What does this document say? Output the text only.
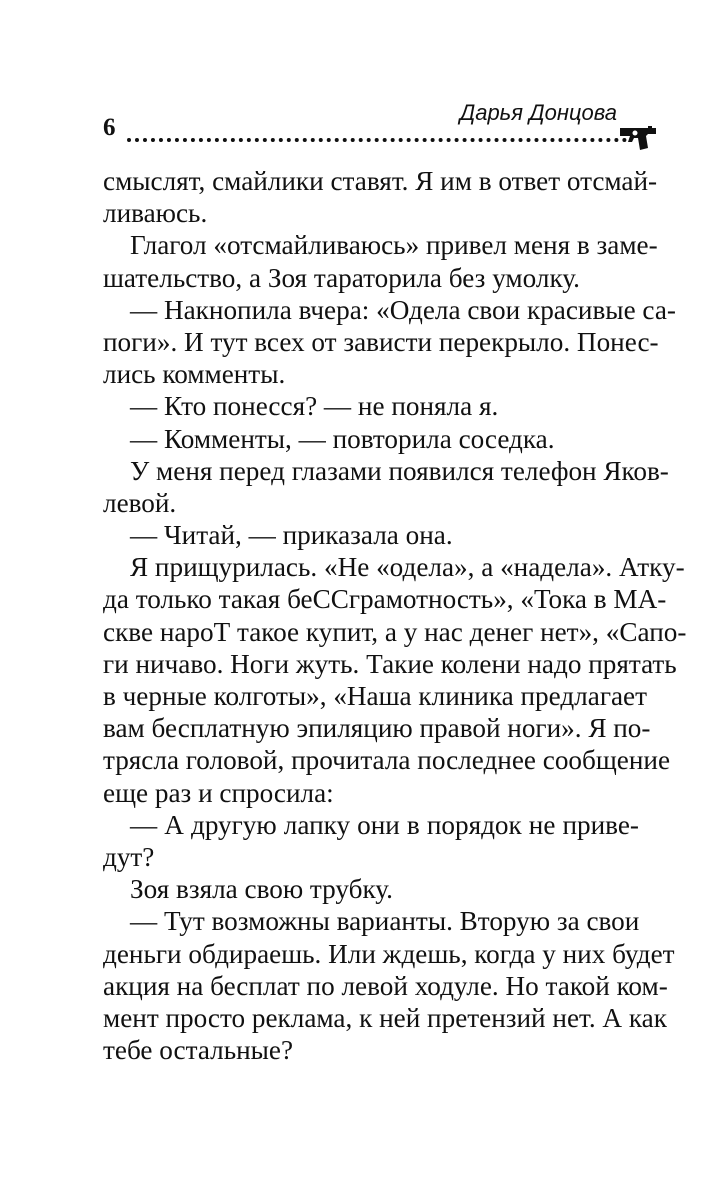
6
Дарья Донцова

смыслят, смайлики ставят. Я им в ответ отсмай-
ливаюсь.

Глагол «отсмайливаюсь» привел меня в заме-
шательство, а Зоя тараторила без умолку.

— Накнопила вчера: «Одела свои красивые са-
поги». И тут всех от зависти перекрыло. Понес-
лись комменты.

— Кто понесся? — не поняла я.

— Комменты, — повторила соседка.

У меня перед глазами появился телефон Яков-
левой.

— Читай, — приказала она.

Я прищурилась. «Не «одела», а «надела». Атку-
да только такая беССграмотность», «Тока в МА-
скве нароТ такое купит, а у нас денег нет», «Сапо-
ги ничаво. Ноги жуть. Такие колени надо прятать
в черные колготы», «Наша клиника предлагает
вам бесплатную эпиляцию правой ноги». Я по-
трясла головой, прочитала последнее сообщение
еще раз и спросила:

— А другую лапку они в порядок не приве-
дут?

Зоя взяла свою трубку.

— Тут возможны варианты. Вторую за свои
деньги обдираешь. Или ждешь, когда у них будет
акция на бесплат по левой ходуле. Но такой ком-
мент просто реклама, к ней претензий нет. А как
тебе остальные?
